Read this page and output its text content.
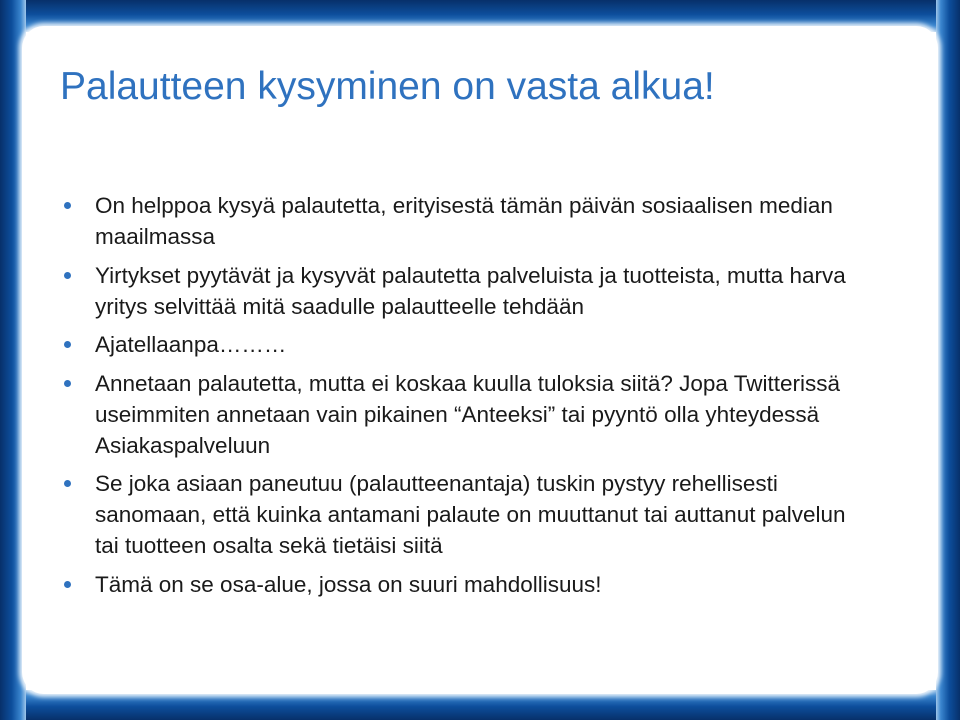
Palautteen kysyminen on vasta alkua!
On helppoa kysyä palautetta, erityisestä tämän päivän sosiaalisen median maailmassa
Yirtykset pyytävät ja kysyvät palautetta palveluista ja tuotteista, mutta harva yritys selvittää mitä saadulle palautteelle tehdään
Ajatellaanpa………
Annetaan palautetta, mutta ei koskaa kuulla tuloksia siitä? Jopa Twitterissä useimmiten annetaan vain pikainen “Anteeksi” tai pyyntö olla yhteydessä Asiakaspalveluun
Se joka asiaan paneutuu (palautteenantaja) tuskin pystyy rehellisesti sanomaan, että kuinka antamani palaute on muuttanut tai auttanut palvelun tai tuotteen osalta sekä tietäisi siitä
Tämä on se osa-alue, jossa on suuri mahdollisuus!
